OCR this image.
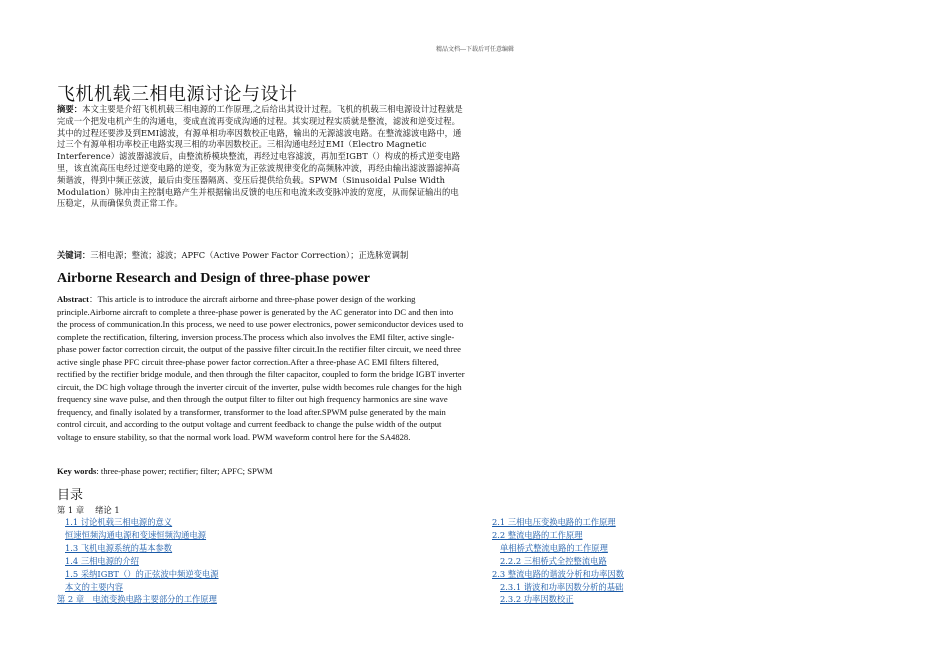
精品文档---下载后可任意编辑
飞机机载三相电源讨论与设计
摘要：本文主要是介绍飞机机载三相电源的工作原理,之后给出其设计过程。飞机的机载三相电源设计过程就是完成一个把发电机产生的沟通电，变成直流再变成沟通的过程。其实现过程实质就是整流，滤波和逆变过程。其中的过程还要涉及到EMI滤波，有源单相功率因数校正电路，输出的无源滤波电路。在整流滤波电路中，通过三个有源单相功率校正电路实现三相的功率因数校正。三相沟通电经过EMI（Electro Magnetic Interference）滤波器滤波后，由整流桥模块整流，再经过电容滤波，再加至IGBT（）构成的桥式逆变电路里，该直流高压电经过逆变电路的逆变，变为脉宽为正弦波规律变化的高频脉冲波，再经由输出滤波器滤掉高频谐波，得到中频正弦波，最后由变压器隔离、变压后提供给负载。SPWM（Sinusoidal Pulse Width Modulation）脉冲由主控制电路产生并根据输出反馈的电压和电流来改变脉冲波的宽度，从而保证输出的电压稳定，从而确保负责正常工作。
关键词：三相电源；整流；滤波；APFC（Active Power Factor Correction）；正选脉宽调制
Airborne Research and Design of three-phase power
Abstract：This article is to introduce the aircraft airborne and three-phase power design of the working principle.Airborne aircraft to complete a three-phase power is generated by the AC generator into DC and then into the process of communication.In this process, we need to use power electronics, power semiconductor devices used to complete the rectification, filtering, inversion process.The process which also involves the EMI filter, active single-phase power factor correction circuit, the output of the passive filter circuit.In the rectifier filter circuit, we need three active single phase PFC circuit three-phase power factor correction.After a three-phase AC EMI filters filtered, rectified by the rectifier bridge module, and then through the filter capacitor, coupled to form the bridge IGBT inverter circuit, the DC high voltage through the inverter circuit of the inverter, pulse width becomes rule changes for the high frequency sine wave pulse, and then through the output filter to filter out high frequency harmonics are sine wave frequency, and finally isolated by a transformer, transformer to the load after.SPWM pulse generated by the main control circuit, and according to the output voltage and current feedback to change the pulse width of the output voltage to ensure stability, so that the normal work load. PWM waveform control here for the SA4828.
Key words: three-phase power; rectifier; filter; APFC; SPWM
目录
第 1 章　 绪论 1
1.1 讨论机载三相电源的意义
恒速恒频沟通电源和变速恒频沟通电源
1.3 飞机电源系统的基本参数
1.4 三相电源的介绍
1.5 采纳IGBT（）的正弦波中频逆变电源
本文的主要内容
第 2 章　电流变换电路主要部分的工作原理
2.1 三相电压变换电路的工作原理
2.2 整流电路的工作原理
单相桥式整流电路的工作原理
2.2.2 三相桥式全控整流电路
2.3 整流电路的谐波分析和功率因数
2.3.1 谐波和功率因数分析的基础
2.3.2 功率因数校正
